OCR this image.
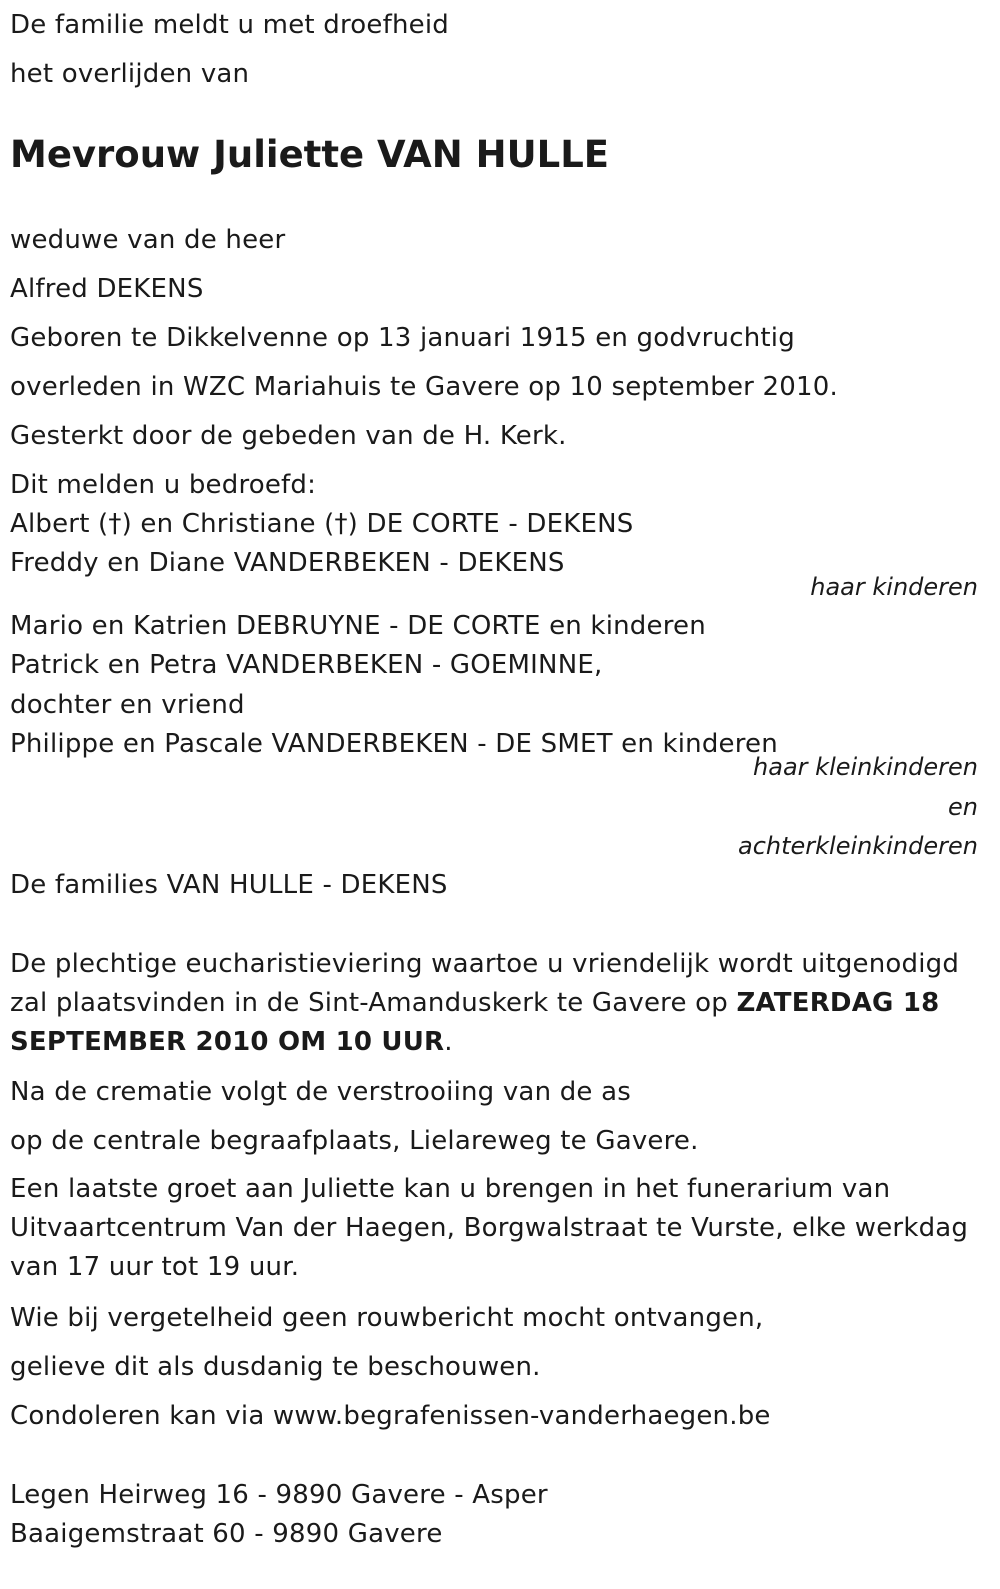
De familie meldt u met droefheid
het overlijden van
Mevrouw Juliette VAN HULLE
weduwe van de heer
Alfred DEKENS
Geboren te Dikkelvenne op 13 januari 1915 en godvruchtig
overleden in WZC Mariahuis te Gavere op 10 september 2010.
Gesterkt door de gebeden van de H. Kerk.
Dit melden u bedroefd:
Albert (†) en Christiane (†) DE CORTE - DEKENS
Freddy en Diane VANDERBEKEN - DEKENS
haar kinderen
Mario en Katrien DEBRUYNE - DE CORTE en kinderen
Patrick en Petra VANDERBEKEN - GOEMINNE,
dochter en vriend
Philippe en Pascale VANDERBEKEN - DE SMET en kinderen
haar kleinkinderen
en
achterkleinkinderen
De families VAN HULLE - DEKENS
De plechtige eucharistieviering waartoe u vriendelijk wordt uitgenodigd zal plaatsvinden in de Sint-Amanduskerk te Gavere op ZATERDAG 18 SEPTEMBER 2010 OM 10 UUR.
Na de crematie volgt de verstrooiing van de as
op de centrale begraafplaats, Lielareweg te Gavere.
Een laatste groet aan Juliette kan u brengen in het funerarium van Uitvaartcentrum Van der Haegen, Borgwalstraat te Vurste, elke werkdag van 17 uur tot 19 uur.
Wie bij vergetelheid geen rouwbericht mocht ontvangen,
gelieve dit als dusdanig te beschouwen.
Condoleren kan via www.begrafenissen-vanderhaegen.be
Legen Heirweg 16 - 9890 Gavere - Asper
Baaigemstraat 60 - 9890 Gavere
